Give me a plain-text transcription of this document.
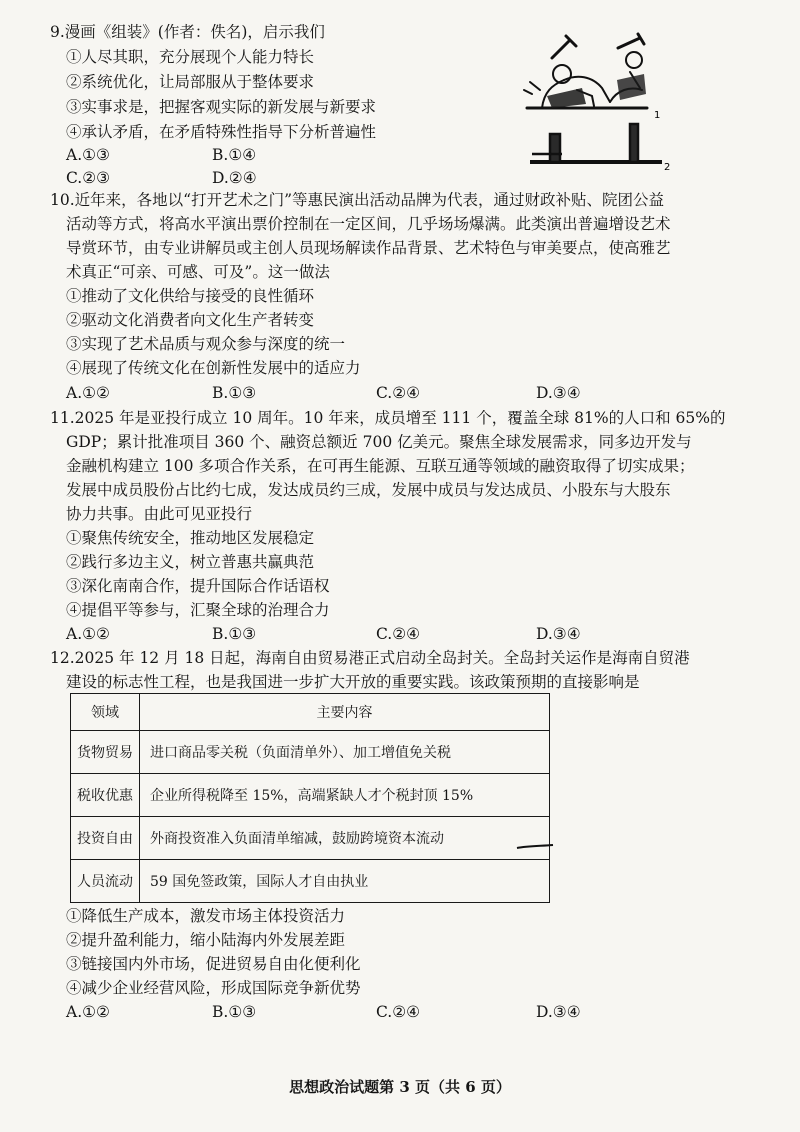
9.漫画《组装》(作者：佚名)，启示我们
①人尽其职，充分展现个人能力特长
②系统优化，让局部服从于整体要求
③实事求是，把握客观实际的新发展与新要求
④承认矛盾，在矛盾特殊性指导下分析普遍性
A.①③	B.①④
C.②③	D.②④
1
2
10.近年来，各地以“打开艺术之门”等惠民演出活动品牌为代表，通过财政补贴、院团公益
活动等方式，将高水平演出票价控制在一定区间，几乎场场爆满。此类演出普遍增设艺术
导赏环节，由专业讲解员或主创人员现场解读作品背景、艺术特色与审美要点，使高雅艺
术真正“可亲、可感、可及”。这一做法
①推动了文化供给与接受的良性循环
②驱动文化消费者向文化生产者转变
③实现了艺术品质与观众参与深度的统一
④展现了传统文化在创新性发展中的适应力
A.①②	B.①③	C.②④	D.③④
11.2025 年是亚投行成立 10 周年。10 年来，成员增至 111 个，覆盖全球 81%的人口和 65%的
GDP；累计批准项目 360 个、融资总额近 700 亿美元。聚焦全球发展需求，同多边开发与
金融机构建立 100 多项合作关系，在可再生能源、互联互通等领域的融资取得了切实成果；
发展中成员股份占比约七成，发达成员约三成，发展中成员与发达成员、小股东与大股东
协力共事。由此可见亚投行
①聚焦传统安全，推动地区发展稳定
②践行多边主义，树立普惠共赢典范
③深化南南合作，提升国际合作话语权
④提倡平等参与，汇聚全球的治理合力
A.①②	B.①③	C.②④	D.③④
12.2025 年 12 月 18 日起，海南自由贸易港正式启动全岛封关。全岛封关运作是海南自贸港
建设的标志性工程，也是我国进一步扩大开放的重要实践。该政策预期的直接影响是
领域	主要内容
货物贸易	进口商品零关税（负面清单外）、加工增值免关税
税收优惠	企业所得税降至 15%，高端紧缺人才个税封顶 15%
投资自由	外商投资准入负面清单缩减，鼓励跨境资本流动
人员流动	59 国免签政策，国际人才自由执业
①降低生产成本，激发市场主体投资活力
②提升盈利能力，缩小陆海内外发展差距
③链接国内外市场，促进贸易自由化便利化
④减少企业经营风险，形成国际竞争新优势
A.①②	B.①③	C.②④	D.③④
思想政治试题第 3 页（共 6 页）
